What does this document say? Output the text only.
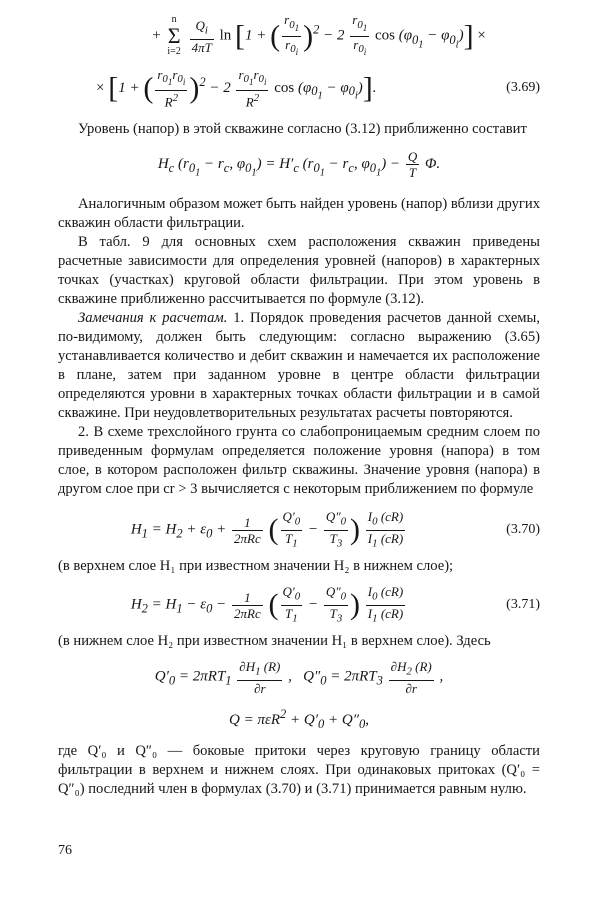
+ n
Σ
$i=2 \frac{Q_i}{4\pi T}$ ln [1 + ( $\frac{r_{0_1}}{r_{0_i}} )^2 - 2 \frac{r_{0_1}}{r_{0_i}}$ $\cos (\varphi_{0_1} - \varphi_{0_i})$] ×
× [1 + ( $\frac{r_{0_1}r_{0_i}}{R^2} )^2 - 2 \frac{r_{0_1}r_{0_i}}{R^2}$ $\cos (\varphi_{0_1} - \varphi_{0_i})$].	(3.69)

Уровень (напор) в этой скважине согласно (3.12) приближенно составит

$H_c$ ($r_{0_1} - r_c$, $\varphi_{0_1}) = H'_c$ ($r_{0_1} - r_c$, $\varphi_{0_1}) - \frac{Q}{T} \Phi$.

Аналогичным образом может быть найден уровень (напор) вблизи других скважин области фильтрации.

В табл. 9 для основных схем расположения скважин приведены расчетные зависимости для определения уровней (напоров) в характерных точках (участках) круговой области фильтрации. При этом уровень в скважине приближенно рассчитывается по формуле (3.12).

Замечания к расчетам. 1. Порядок проведения расчетов данной схемы, по-видимому, должен быть следующим: согласно выражению (3.65) устанавливается количество и дебит скважин и намечается их расположение в плане, затем при заданном уровне в центре области фильтрации определяются уровни в характерных точках области фильтрации и в самой скважине. При неудовлетворительных результатах расчеты повторяются.

2. В схеме трехслойного грунта со слабопроницаемым средним слоем по приведенным формулам определяется положение уровня (напора) в том слое, в котором расположен фильтр скважины. Значение уровня (напора) в другом слое при cr > 3 вычисляется с некоторым приближением по формуле

$H_1 = H_2 + \varepsilon_0 + \frac{1}{\text{2πRc}}$ ( $\frac{Q'_0}{T_1} - \frac{Q''_0}{T_3}$ ) $\frac{I_0 (cR)}{I_1 (cR)}$	(3.70)

(в верхнем слое H₁ при известном значении H₂ в нижнем слое);

$H_2 = H_1 - \varepsilon_0 - \frac{1}{\text{2πRc}}$ ( $\frac{Q'_0}{T_1} - \frac{Q''_0}{T_3}$ ) $\frac{I_0 (cR)}{I_1 (cR)}$	(3.71)

(в нижнем слое H₂ при известном значении H₁ в верхнем слое). Здесь

$Q'_0 = 2\pi RT_1 \frac{\partial H_1 (R)}{\partial r}$ ,   $Q''_0 = 2\pi RT_3 \frac{\partial H_2 (R)}{\partial r}$ ,
$Q = \pi\varepsilon R^2 + Q'_0 + Q''_0$,

где Q′₀ и Q″₀ — боковые притоки через круговую границу области фильтрации в верхнем и нижнем слоях. При одинаковых притоках (Q′₀ = Q″₀) последний член в формулах (3.70) и (3.71) принимается равным нулю.

76
